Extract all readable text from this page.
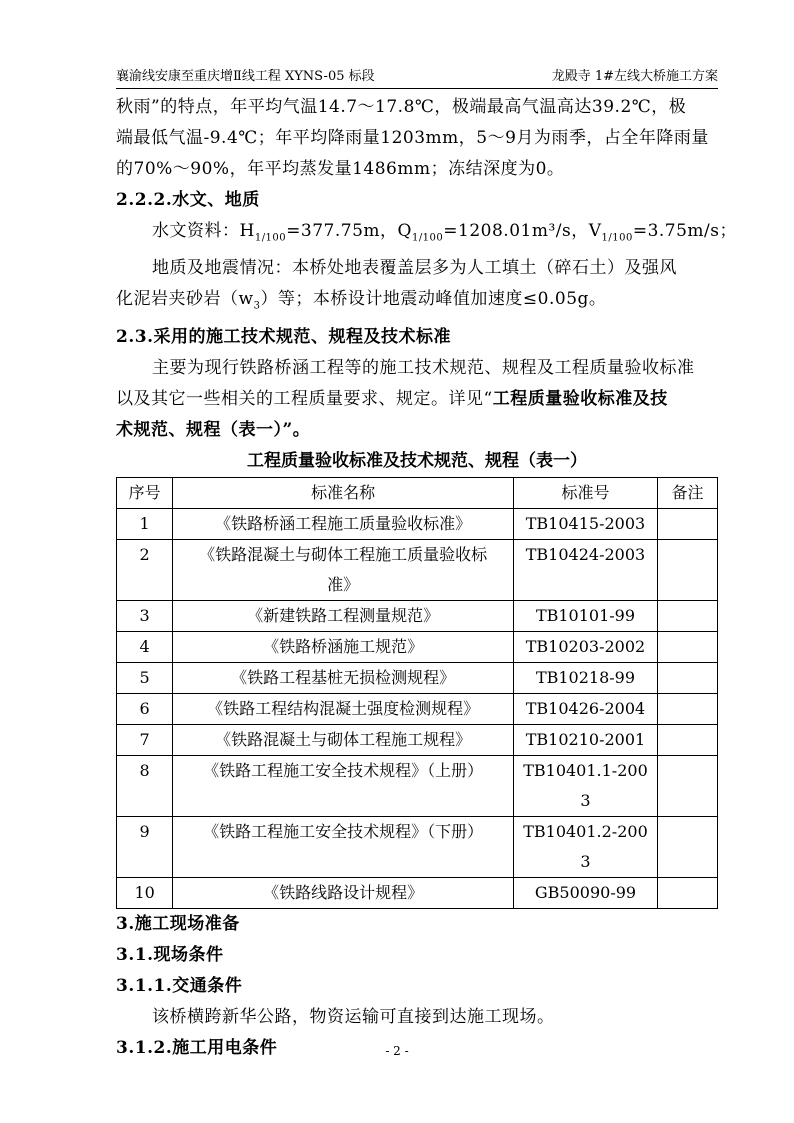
襄渝线安康至重庆增Ⅱ线工程 XYNS-05 标段	龙殿寺 1#左线大桥施工方案
秋雨”的特点，年平均气温14.7～17.8℃，极端最高气温高达39.2℃，极
端最低气温-9.4℃；年平均降雨量1203mm，5～9月为雨季，占全年降雨量
的70%～90%，年平均蒸发量1486mm；冻结深度为0。
2.2.2.水文、地质
水文资料：$H_{1/100}=377.75m$，$Q_{1/100}=1208.01m^3/s$，$V_{1/100}=3.75m/s$；
地质及地震情况：本桥处地表覆盖层多为人工填土（碎石土）及强风
化泥岩夹砂岩$(w_3)$等；本桥设计地震动峰值加速度≤0.05g。
2.3.采用的施工技术规范、规程及技术标准
主要为现行铁路桥涵工程等的施工技术规范、规程及工程质量验收标准
以及其它一些相关的工程质量要求、规定。详见“工程质量验收标准及技
术规范、规程（表一）”。
工程质量验收标准及技术规范、规程（表一）
序号	标准名称	标准号	备注
1	《铁路桥涵工程施工质量验收标准》	TB10415-2003	

2	《铁路混凝土与砌体工程施工质量验收标
准》	TB10424-2003	

3	《新建铁路工程测量规范》	TB10101-99	

4	《铁路桥涵施工规范》	TB10203-2002	

5	《铁路工程基桩无损检测规程》	TB10218-99	

6	《铁路工程结构混凝土强度检测规程》	TB10426-2004	

7	《铁路混凝土与砌体工程施工规程》	TB10210-2001	

8	《铁路工程施工安全技术规程》（上册）	TB10401.1-200
3	

9	《铁路工程施工安全技术规程》（下册）	TB10401.2-200
3	

10	《铁路线路设计规程》	GB50090-99	

3.施工现场准备
3.1.现场条件
3.1.1.交通条件
该桥横跨新华公路，物资运输可直接到达施工现场。
3.1.2.施工用电条件	- 2 -
